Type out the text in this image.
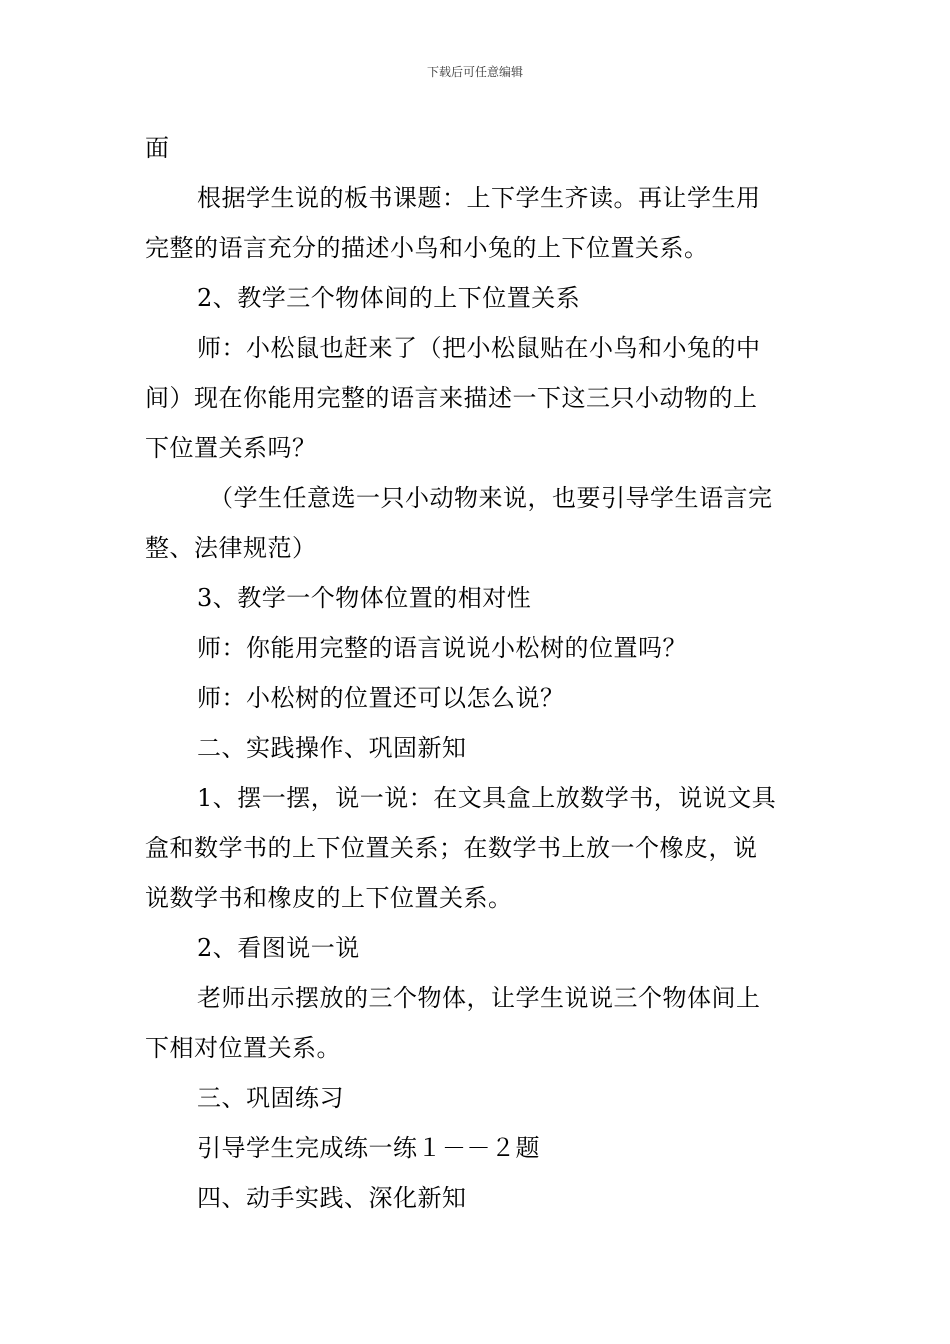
下载后可任意编辑
面
根据学生说的板书课题：上下学生齐读。再让学生用
完整的语言充分的描述小鸟和小兔的上下位置关系。
2、教学三个物体间的上下位置关系
师：小松鼠也赶来了（把小松鼠贴在小鸟和小兔的中
间）现在你能用完整的语言来描述一下这三只小动物的上
下位置关系吗？
（学生任意选一只小动物来说，也要引导学生语言完
整、法律规范）
3、教学一个物体位置的相对性
师：你能用完整的语言说说小松树的位置吗？
师：小松树的位置还可以怎么说？
二、实践操作、巩固新知
1、摆一摆，说一说：在文具盒上放数学书，说说文具
盒和数学书的上下位置关系；在数学书上放一个橡皮，说
说数学书和橡皮的上下位置关系。
2、看图说一说
老师出示摆放的三个物体，让学生说说三个物体间上
下相对位置关系。
三、巩固练习
引导学生完成练一练１－－２题
四、动手实践、深化新知
